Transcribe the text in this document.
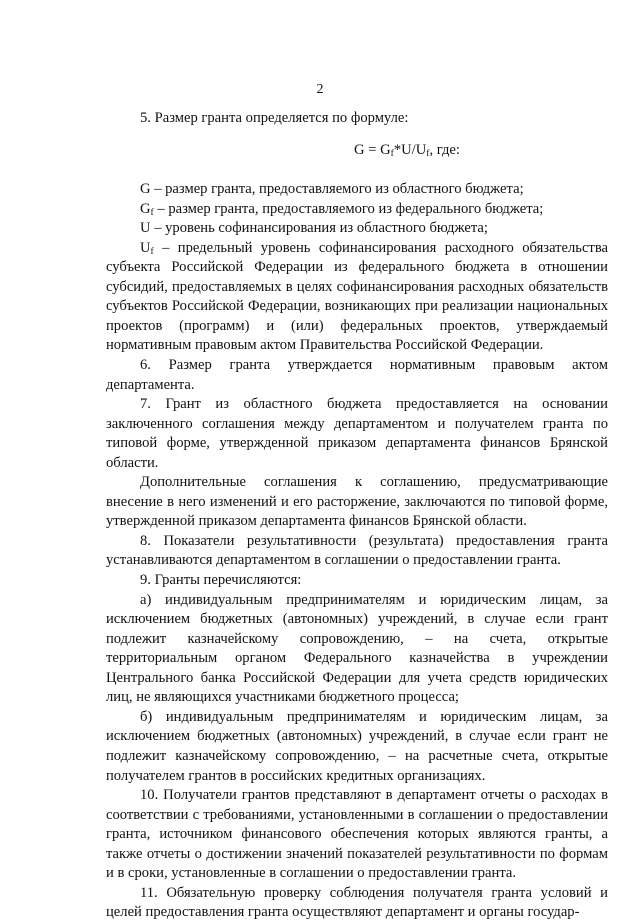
2

5. Размер гранта определяется по формуле:

$G = G_f*U/U_f$, где:

G – размер гранта, предоставляемого из областного бюджета;

$G_f$ – размер гранта, предоставляемого из федерального бюджета;

U – уровень софинансирования из областного бюджета;

$U_f$ – предельный уровень софинансирования расходного обязательства субъекта Российской Федерации из федерального бюджета в отношении субсидий, предоставляемых в целях софинансирования расходных обязательств субъектов Российской Федерации, возникающих при реализации национальных проектов (программ) и (или) федеральных проектов, утверждаемый нормативным правовым актом Правительства Российской Федерации.

6. Размер гранта утверждается нормативным правовым актом департамента.

7. Грант из областного бюджета предоставляется на основании заключенного соглашения между департаментом и получателем гранта по типовой форме, утвержденной приказом департамента финансов Брянской области.

Дополнительные соглашения к соглашению, предусматривающие внесение в него изменений и его расторжение, заключаются по типовой форме, утвержденной приказом департамента финансов Брянской области.

8. Показатели результативности (результата) предоставления гранта устанавливаются департаментом в соглашении о предоставлении гранта.

9. Гранты перечисляются:

а) индивидуальным предпринимателям и юридическим лицам, за исключением бюджетных (автономных) учреждений, в случае если грант подлежит казначейскому сопровождению, – на счета, открытые территориальным органом Федерального казначейства в учреждении Центрального банка Российской Федерации для учета средств юридических лиц, не являющихся участниками бюджетного процесса;

б) индивидуальным предпринимателям и юридическим лицам, за исключением бюджетных (автономных) учреждений, в случае если грант не подлежит казначейскому сопровождению, – на расчетные счета, открытые получателем грантов в российских кредитных организациях.

10. Получатели грантов представляют в департамент отчеты о расходах в соответствии с требованиями, установленными в соглашении о предоставлении гранта, источником финансового обеспечения которых являются гранты, а также отчеты о достижении значений показателей результативности по формам и в сроки, установленные в соглашении о предоставлении гранта.

11. Обязательную проверку соблюдения получателя гранта условий и целей предоставления гранта осуществляют департамент и органы государ-
